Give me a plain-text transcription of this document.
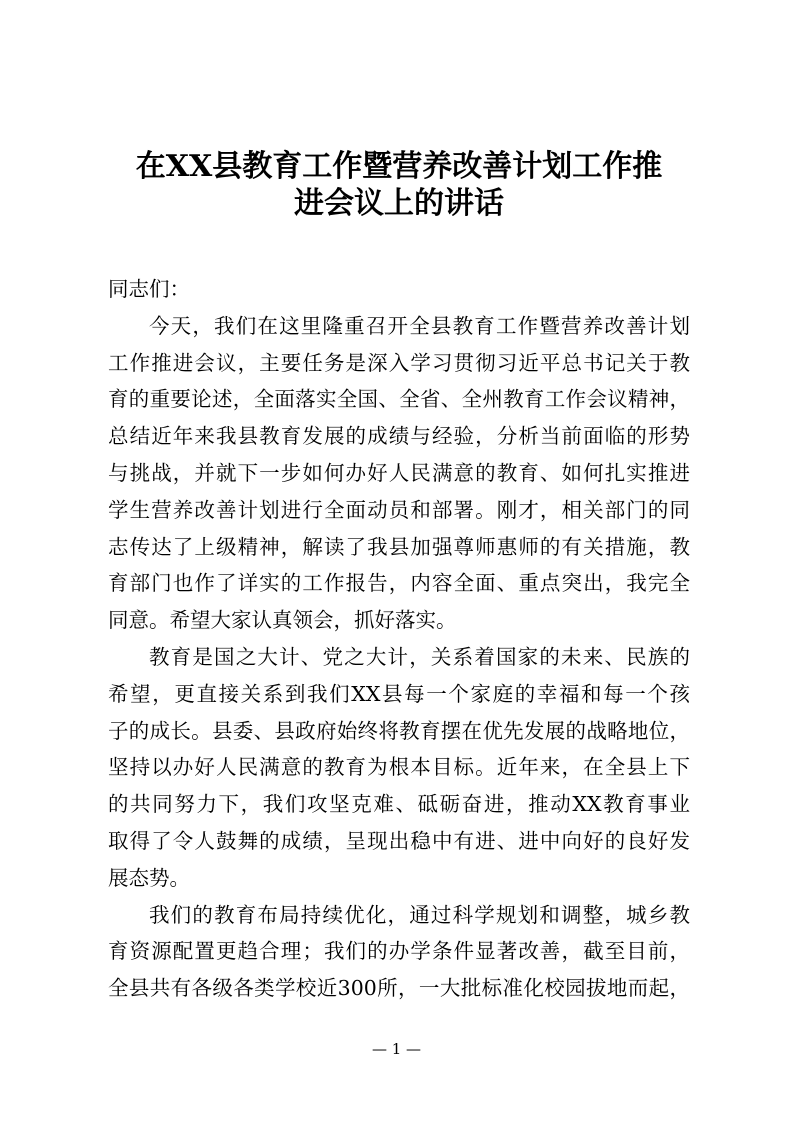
在XX县教育工作暨营养改善计划工作推
进会议上的讲话
同志们：
今天，我们在这里隆重召开全县教育工作暨营养改善计划
工作推进会议，主要任务是深入学习贯彻习近平总书记关于教
育的重要论述，全面落实全国、全省、全州教育工作会议精神，
总结近年来我县教育发展的成绩与经验，分析当前面临的形势
与挑战，并就下一步如何办好人民满意的教育、如何扎实推进
学生营养改善计划进行全面动员和部署。刚才，相关部门的同
志传达了上级精神，解读了我县加强尊师惠师的有关措施，教
育部门也作了详实的工作报告，内容全面、重点突出，我完全
同意。希望大家认真领会，抓好落实。
教育是国之大计、党之大计，关系着国家的未来、民族的
希望，更直接关系到我们XX县每一个家庭的幸福和每一个孩
子的成长。县委、县政府始终将教育摆在优先发展的战略地位，
坚持以办好人民满意的教育为根本目标。近年来，在全县上下
的共同努力下，我们攻坚克难、砥砺奋进，推动XX教育事业
取得了令人鼓舞的成绩，呈现出稳中有进、进中向好的良好发
展态势。
我们的教育布局持续优化，通过科学规划和调整，城乡教
育资源配置更趋合理；我们的办学条件显著改善，截至目前，
全县共有各级各类学校近300所，一大批标准化校园拔地而起，
— 1 —
